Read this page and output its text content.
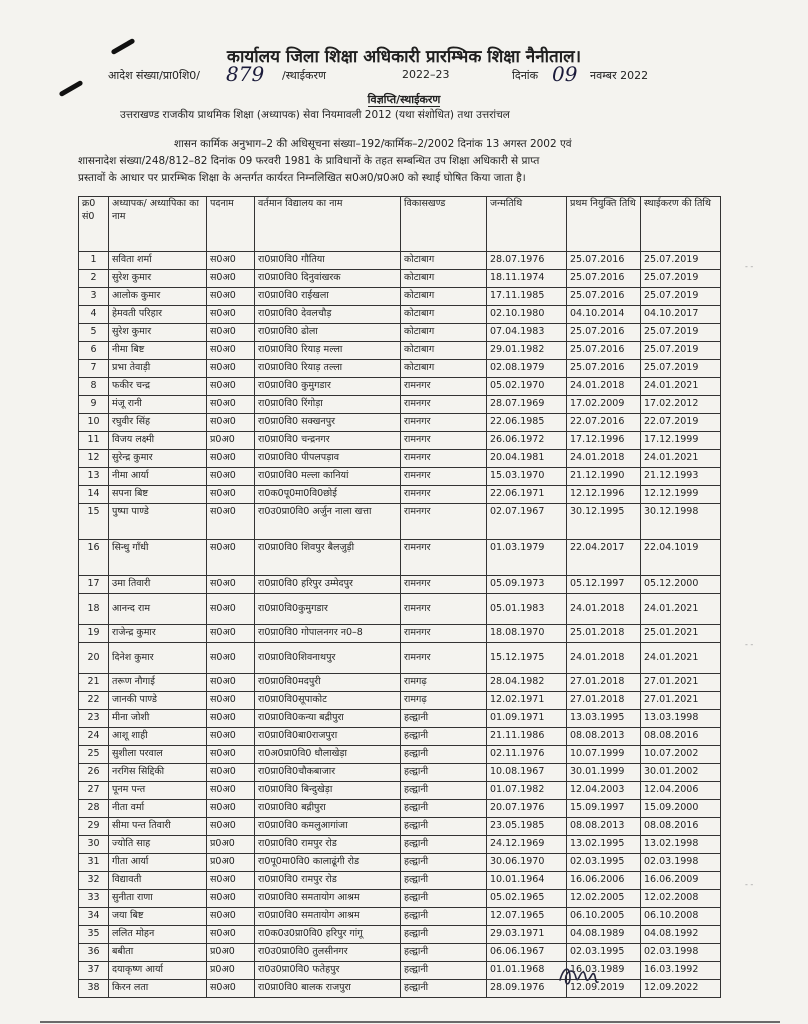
कार्यालय जिला शिक्षा अधिकारी प्रारम्भिक शिक्षा नैनीताल।
आदेश संख्या/प्रा0शि0/ 879 /स्थाईकरण	2022–23	दिनांक 09 नवम्बर 2022
विज्ञप्ति/स्थाईकरण
उत्तराखण्ड राजकीय प्राथमिक शिक्षा (अध्यापक) सेवा नियमावली 2012 (यथा संशोधित) तथा उत्तरांचल
शासन कार्मिक अनुभाग–2 की अधिसूचना संख्या–192/कार्मिक–2/2002 दिनांक 13 अगस्त 2002 एवं
शासनादेश संख्या/248/812–82 दिनांक 09 फरवरी 1981 के प्राविधानों के तहत सम्बन्धित उप शिक्षा अधिकारी से प्राप्त
प्रस्तावों के आधार पर प्रारम्भिक शिक्षा के अन्तर्गत कार्यरत निम्नलिखित स0अ0/प्र0अ0 को स्थाई घोषित किया जाता है।
क्र0 सं0	अध्यापक/ अध्यापिका का नाम	पदनाम	वर्तमान विद्यालय का नाम	विकासखण्ड	जन्मतिथि	प्रथम नियुक्ति तिथि	स्थाईकरण की तिथि
1	सविता शर्मा	स0अ0	रा0प्रा0वि0 गौतिया	कोटाबाग	28.07.1976	25.07.2016	25.07.2019
2	सुरेश कुमार	स0अ0	रा0प्रा0वि0 दिनुवांखरक	कोटाबाग	18.11.1974	25.07.2016	25.07.2019
3	आलोक कुमार	स0अ0	रा0प्रा0वि0 राईखला	कोटाबाग	17.11.1985	25.07.2016	25.07.2019
4	हेमवती परिहार	स0अ0	रा0प्रा0वि0 देवलचौड़	कोटाबाग	02.10.1980	04.10.2014	04.10.2017
5	सुरेश कुमार	स0अ0	रा0प्रा0वि0 ढोला	कोटाबाग	07.04.1983	25.07.2016	25.07.2019
6	नीमा बिष्ट	स0अ0	रा0प्रा0वि0 रियाड़ मल्ला	कोटाबाग	29.01.1982	25.07.2016	25.07.2019
7	प्रभा तेवाड़ी	स0अ0	रा0प्रा0वि0 रियाड़ तल्ला	कोटाबाग	02.08.1979	25.07.2016	25.07.2019
8	फकीर चन्द्र	स0अ0	रा0प्रा0वि0 कुमुगडार	रामनगर	05.02.1970	24.01.2018	24.01.2021
9	मंजू रानी	स0अ0	रा0प्रा0वि0 रिंगोड़ा	रामनगर	28.07.1969	17.02.2009	17.02.2012
10	रघुवीर सिंह	स0अ0	रा0प्रा0वि0 सक्खनपुर	रामनगर	22.06.1985	22.07.2016	22.07.2019
11	विजय लक्ष्मी	प्र0अ0	रा0प्रा0वि0 चन्द्रनगर	रामनगर	26.06.1972	17.12.1996	17.12.1999
12	सुरेन्द्र कुमार	स0अ0	रा0प्रा0वि0 पीपलपड़ाव	रामनगर	20.04.1981	24.01.2018	24.01.2021
13	नीमा आर्या	स0अ0	रा0प्रा0वि0 मल्ला कानियां	रामनगर	15.03.1970	21.12.1990	21.12.1993
14	सपना बिष्ट	स0अ0	रा0क0पू0मा0वि0छोई	रामनगर	22.06.1971	12.12.1996	12.12.1999
15	पुष्पा पाण्डे	स0अ0	रा0उ0प्रा0वि0 अर्जुन नाला खत्ता	रामनगर	02.07.1967	30.12.1995	30.12.1998
16	सिन्धु गाँधी	स0अ0	रा0प्रा0वि0 शिवपुर बैलजुड़ी	रामनगर	01.03.1979	22.04.2017	22.04.1019
17	उमा तिवारी	स0अ0	रा0प्रा0वि0 हरिपुर उम्मेदपुर	रामनगर	05.09.1973	05.12.1997	05.12.2000
18	आनन्द राम	स0अ0	रा0प्रा0वि0कुमुगडार	रामनगर	05.01.1983	24.01.2018	24.01.2021
19	राजेन्द्र कुमार	स0अ0	रा0प्रा0वि0 गोपालनगर न0–8	रामनगर	18.08.1970	25.01.2018	25.01.2021
20	दिनेश कुमार	स0अ0	रा0प्रा0वि0शिवनाथपुर	रामनगर	15.12.1975	24.01.2018	24.01.2021
21	तरूण नौगाई	स0अ0	रा0प्रा0वि0मदपुरी	रामगढ़	28.04.1982	27.01.2018	27.01.2021
22	जानकी पाण्डे	स0अ0	रा0प्रा0वि0सूपाकोट	रामगढ़	12.02.1971	27.01.2018	27.01.2021
23	मीना जोशी	स0अ0	रा0प्रा0वि0कन्या बद्रीपुरा	हल्द्वानी	01.09.1971	13.03.1995	13.03.1998
24	आशू शाही	स0अ0	रा0प्रा0वि0बा0राजपुरा	हल्द्वानी	21.11.1986	08.08.2013	08.08.2016
25	सुशीला परवाल	स0अ0	रा0अ0प्रा0वि0 धौलाखेड़ा	हल्द्वानी	02.11.1976	10.07.1999	10.07.2002
26	नरगिस सिद्दिकी	स0अ0	रा0प्रा0वि0चौकबाजार	हल्द्वानी	10.08.1967	30.01.1999	30.01.2002
27	पूनम पन्त	स0अ0	रा0प्रा0वि0 बिन्दुखेड़ा	हल्द्वानी	01.07.1982	12.04.2003	12.04.2006
28	नीता वर्मा	स0अ0	रा0प्रा0वि0 बद्रीपुरा	हल्द्वानी	20.07.1976	15.09.1997	15.09.2000
29	सीमा पन्त तिवारी	स0अ0	रा0प्रा0वि0 कमलुआगांजा	हल्द्वानी	23.05.1985	08.08.2013	08.08.2016
30	ज्योति साह	प्र0अ0	रा0प्रा0वि0 रामपुर रोड	हल्द्वानी	24.12.1969	13.02.1995	13.02.1998
31	गीता आर्या	प्र0अ0	रा0पू0मा0वि0 कालाढूंगी रोड	हल्द्वानी	30.06.1970	02.03.1995	02.03.1998
32	विद्यावती	स0अ0	रा0प्रा0वि0 रामपुर रोड	हल्द्वानी	10.01.1964	16.06.2006	16.06.2009
33	सुनीता राणा	स0अ0	रा0प्रा0वि0 समतायोग आश्रम	हल्द्वानी	05.02.1965	12.02.2005	12.02.2008
34	जया बिष्ट	स0अ0	रा0प्रा0वि0 समतायोग आश्रम	हल्द्वानी	12.07.1965	06.10.2005	06.10.2008
35	ललित मोहन	स0अ0	रा0क0उ0प्रा0वि0 हरिपुर गांगू	हल्द्वानी	29.03.1971	04.08.1989	04.08.1992
36	बबीता	प्र0अ0	रा0उ0प्रा0वि0 तुलसीनगर	हल्द्वानी	06.06.1967	02.03.1995	02.03.1998
37	दयाकृष्ण आर्या	प्र0अ0	रा0उ0प्रा0वि0 फतेहपुर	हल्द्वानी	01.01.1968	16.03.1989	16.03.1992
38	किरन लता	स0अ0	रा0प्रा0वि0 बालक राजपुरा	हल्द्वानी	28.09.1976	12.09.2019	12.09.2022
- -
- -
- -
